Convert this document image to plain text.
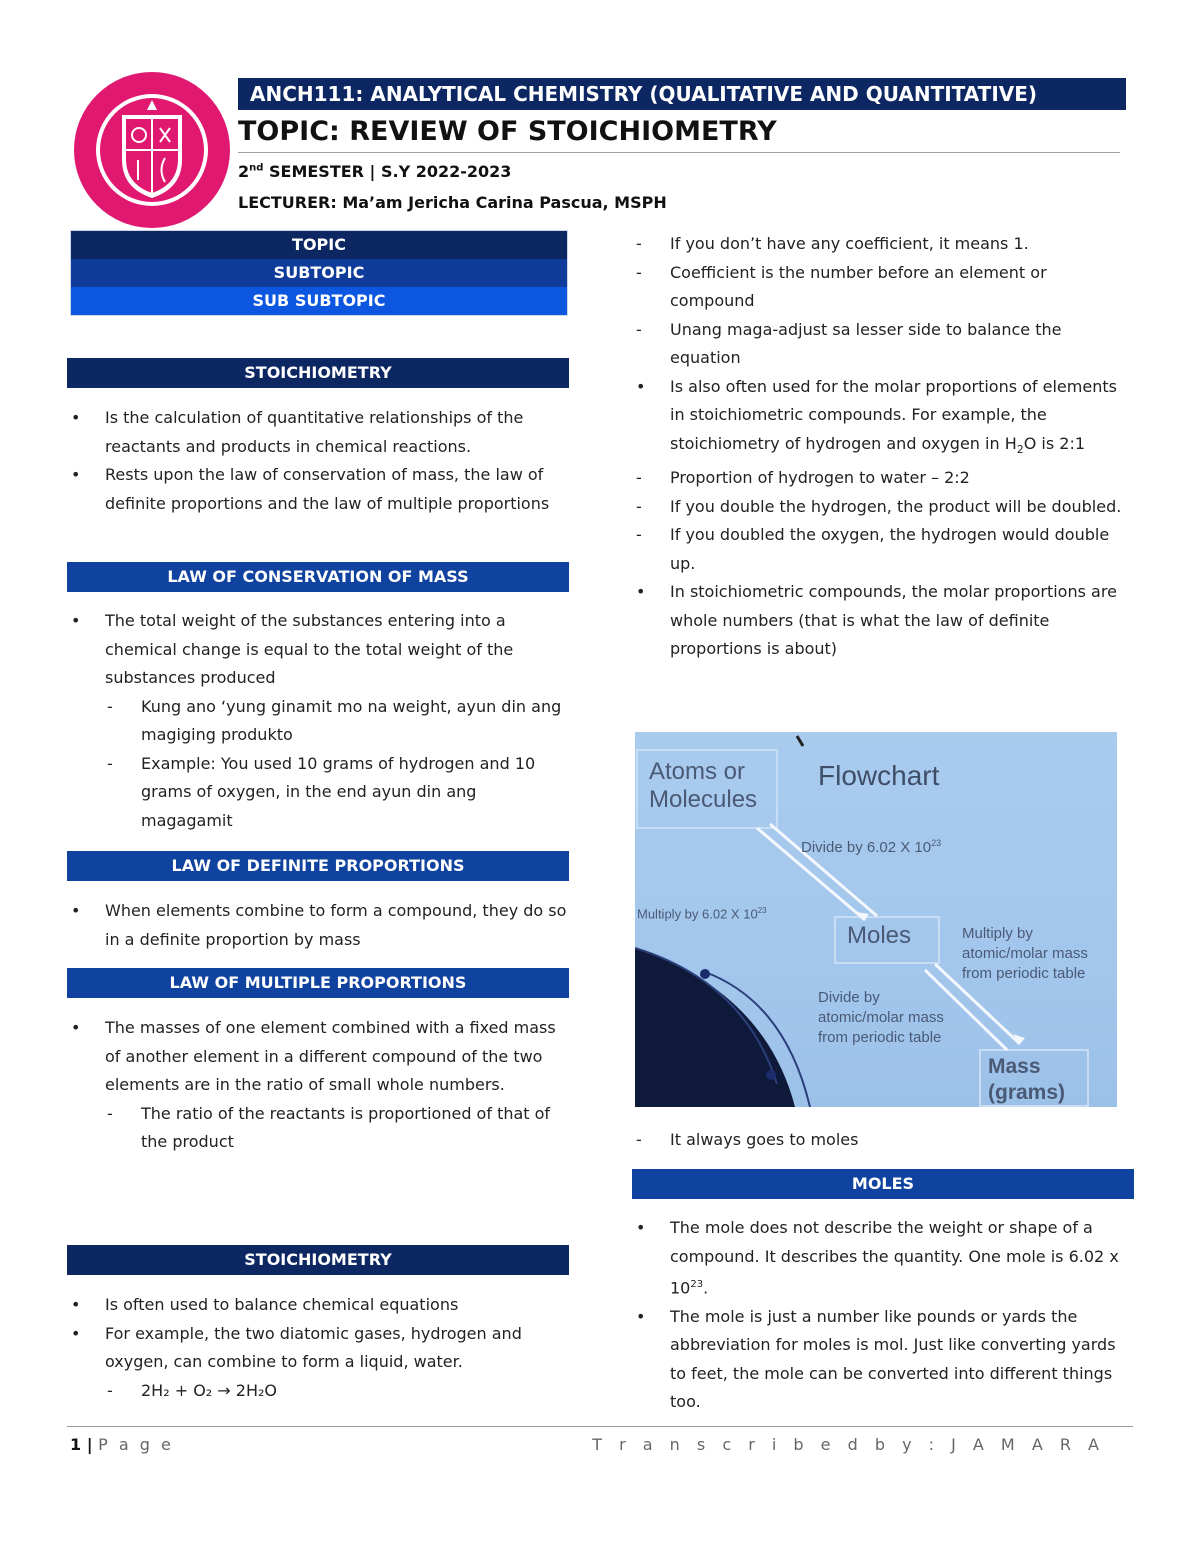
ANCH111: ANALYTICAL CHEMISTRY (QUALITATIVE AND QUANTITATIVE)
TOPIC: REVIEW OF STOICHIOMETRY
2nd SEMESTER | S.Y 2022-2023
LECTURER: Ma’am Jericha Carina Pascua, MSPH
TOPIC
SUBTOPIC
SUB SUBTOPIC
STOICHIOMETRY
• Is the calculation of quantitative relationships of the reactants and products in chemical reactions.
• Rests upon the law of conservation of mass, the law of definite proportions and the law of multiple proportions
LAW OF CONSERVATION OF MASS
• The total weight of the substances entering into a chemical change is equal to the total weight of the substances produced
- Kung ano ‘yung ginamit mo na weight, ayun din ang magiging produkto
- Example: You used 10 grams of hydrogen and 10 grams of oxygen, in the end ayun din ang magagamit
LAW OF DEFINITE PROPORTIONS
• When elements combine to form a compound, they do so in a definite proportion by mass
LAW OF MULTIPLE PROPORTIONS
• The masses of one element combined with a fixed mass of another element in a different compound of the two elements are in the ratio of small whole numbers.
- The ratio of the reactants is proportioned of that of the product
STOICHIOMETRY
• Is often used to balance chemical equations
• For example, the two diatomic gases, hydrogen and oxygen, can combine to form a liquid, water.
- 2H₂ + O₂ → 2H₂O
- If you don’t have any coefficient, it means 1.
- Coefficient is the number before an element or compound
- Unang maga-adjust sa lesser side to balance the equation
• Is also often used for the molar proportions of elements in stoichiometric compounds. For example, the stoichiometry of hydrogen and oxygen in $H_2O$ is 2:1
- Proportion of hydrogen to water – 2:2
- If you double the hydrogen, the product will be doubled.
- If you doubled the oxygen, the hydrogen would double up.
• In stoichiometric compounds, the molar proportions are whole numbers (that is what the law of definite proportions is about)
Atoms or
Molecules
Flowchart
Divide by 6.02 X $10^{23}$
Multiply by 6.02 X $10^{23}$
Moles	Multiply by
atomic/molar mass
from periodic table
Divide by
atomic/molar mass
from periodic table
Mass
(grams)
- It always goes to moles
MOLES
• The mole does not describe the weight or shape of a compound. It describes the quantity. One mole is 6.02 x $10^{23}$.
• The mole is just a number like pounds or yards the abbreviation for moles is mol. Just like converting yards to feet, the mole can be converted into different things too.
1 | P a g e	T r a n s c r i b e d b y : J A M A R A
